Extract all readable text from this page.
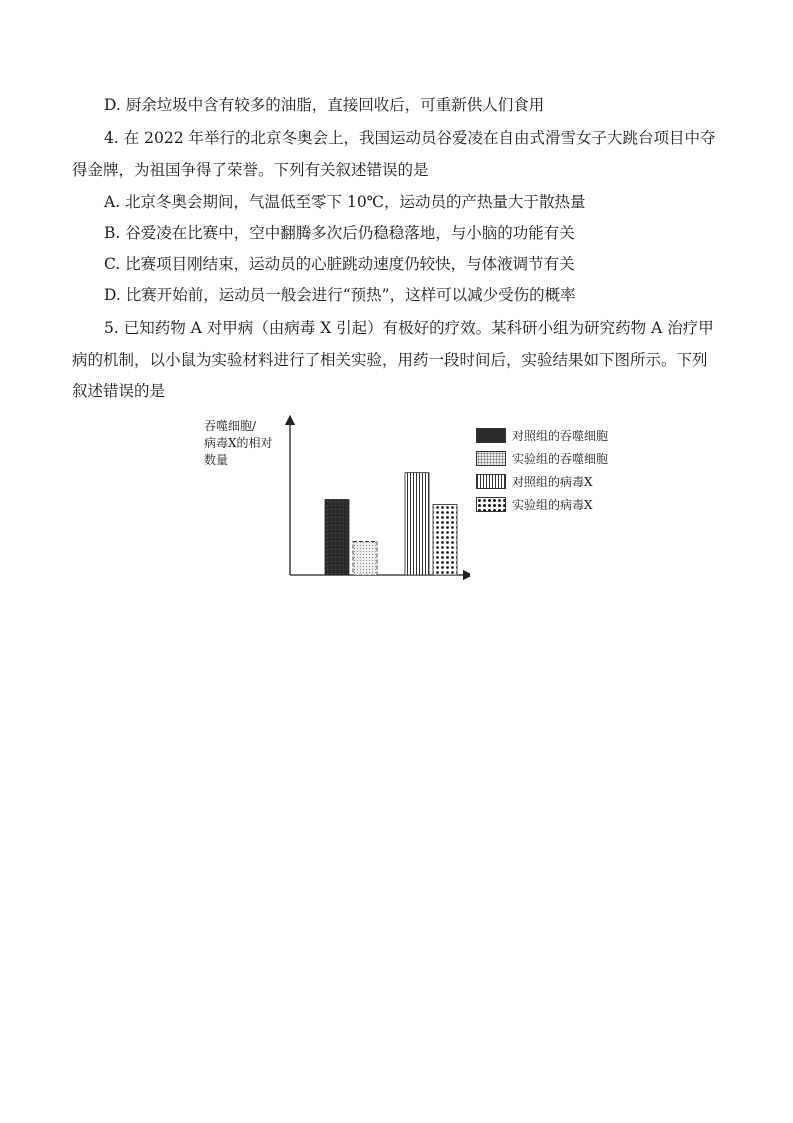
D. 厨余垃圾中含有较多的油脂，直接回收后，可重新供人们食用
4. 在 2022 年举行的北京冬奥会上，我国运动员谷爱凌在自由式滑雪女子大跳台项目中夺
得金牌，为祖国争得了荣誉。下列有关叙述错误的是
A. 北京冬奥会期间，气温低至零下 10℃，运动员的产热量大于散热量
B. 谷爱凌在比赛中，空中翻腾多次后仍稳稳落地，与小脑的功能有关
C. 比赛项目刚结束，运动员的心脏跳动速度仍较快，与体液调节有关
D. 比赛开始前，运动员一般会进行“预热”，这样可以减少受伤的概率
5. 已知药物 A 对甲病（由病毒 X 引起）有极好的疗效。某科研小组为研究药物 A 治疗甲
病的机制，以小鼠为实验材料进行了相关实验，用药一段时间后，实验结果如下图所示。下列
叙述错误的是
吞噬细胞/
病毒X的相对
数量
对照组的吞噬细胞
实验组的吞噬细胞
对照组的病毒X
实验组的病毒X
